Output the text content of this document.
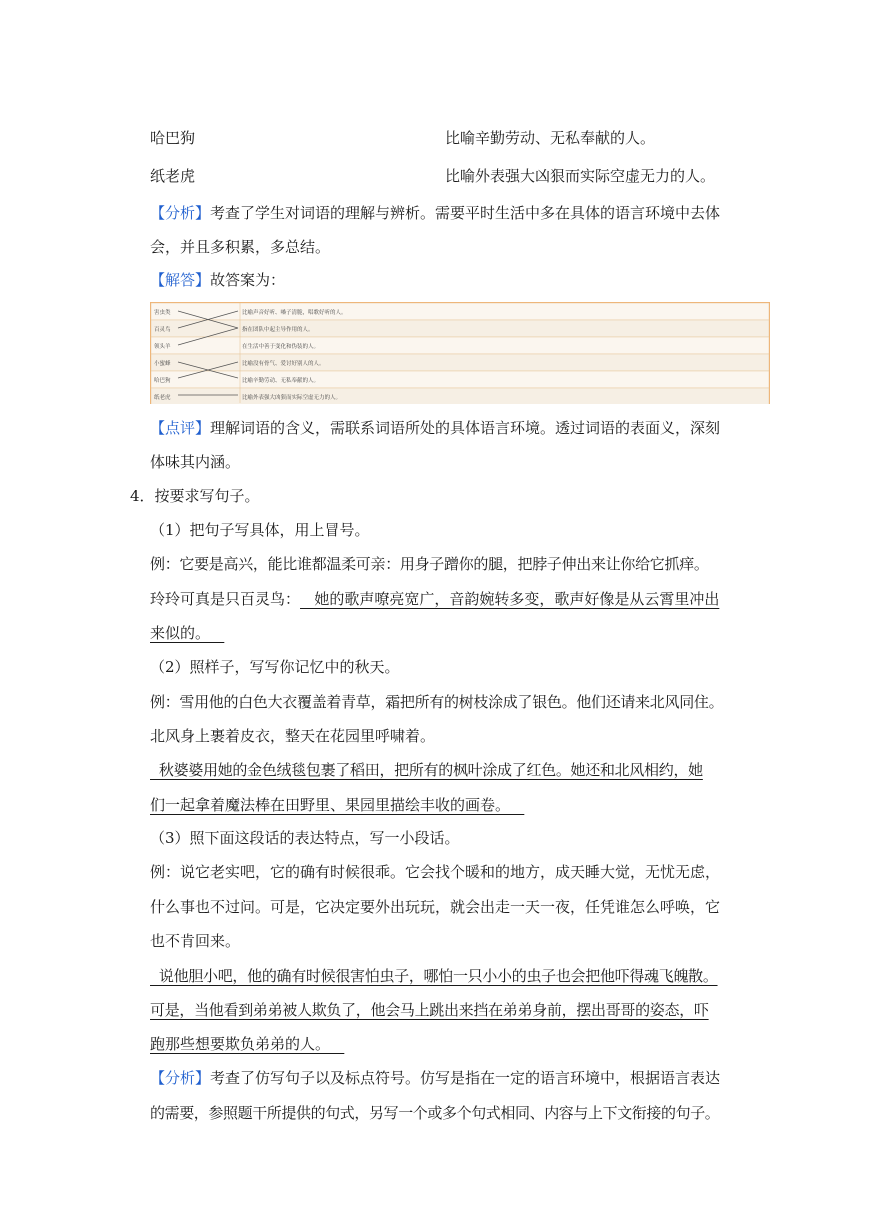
哈巴狗	比喻辛勤劳动、无私奉献的人。
纸老虎	比喻外表强大凶狠而实际空虚无力的人。
【分析】考查了学生对词语的理解与辨析。需要平时生活中多在具体的语言环境中去体
会，并且多积累，多总结。
【解答】故答案为：
害虫类	比喻声音好听、嗓子清脆，唱歌好听的人。
百灵鸟	指在团队中起主导作用的人。
领头羊	在生活中善于变化和伪装的人。
小蜜蜂	比喻没有骨气、爱讨好别人的人。
哈巴狗	比喻辛勤劳动、无私奉献的人。
纸老虎	比喻外表强大凶狠而实际空虚无力的人。
【点评】理解词语的含义，需联系词语所处的具体语言环境。透过词语的表面义，深刻
体味其内涵。
4．按要求写句子。
（1）把句子写具体，用上冒号。
例：它要是高兴，能比谁都温柔可亲：用身子蹭你的腿，把脖子伸出来让你给它抓痒。
玲玲可真是只百灵鸟：   她的歌声嘹亮宽广，音韵婉转多变，歌声好像是从云霄里冲出
来似的。
（2）照样子，写写你记忆中的秋天。
例：雪用他的白色大衣覆盖着青草，霜把所有的树枝涂成了银色。他们还请来北风同住。
北风身上裹着皮衣，整天在花园里呼啸着。
秋婆婆用她的金色绒毯包裹了稻田，把所有的枫叶涂成了红色。她还和北风相约，她
们一起拿着魔法棒在田野里、果园里描绘丰收的画卷。
（3）照下面这段话的表达特点，写一小段话。
例：说它老实吧，它的确有时候很乖。它会找个暖和的地方，成天睡大觉，无忧无虑，
什么事也不过问。可是，它决定要外出玩玩，就会出走一天一夜，任凭谁怎么呼唤，它
也不肯回来。
说他胆小吧，他的确有时候很害怕虫子，哪怕一只小小的虫子也会把他吓得魂飞魄散。
可是，当他看到弟弟被人欺负了，他会马上跳出来挡在弟弟身前，摆出哥哥的姿态，吓
跑那些想要欺负弟弟的人。
【分析】考查了仿写句子以及标点符号。仿写是指在一定的语言环境中，根据语言表达
的需要，参照题干所提供的句式，另写一个或多个句式相同、内容与上下文衔接的句子。
